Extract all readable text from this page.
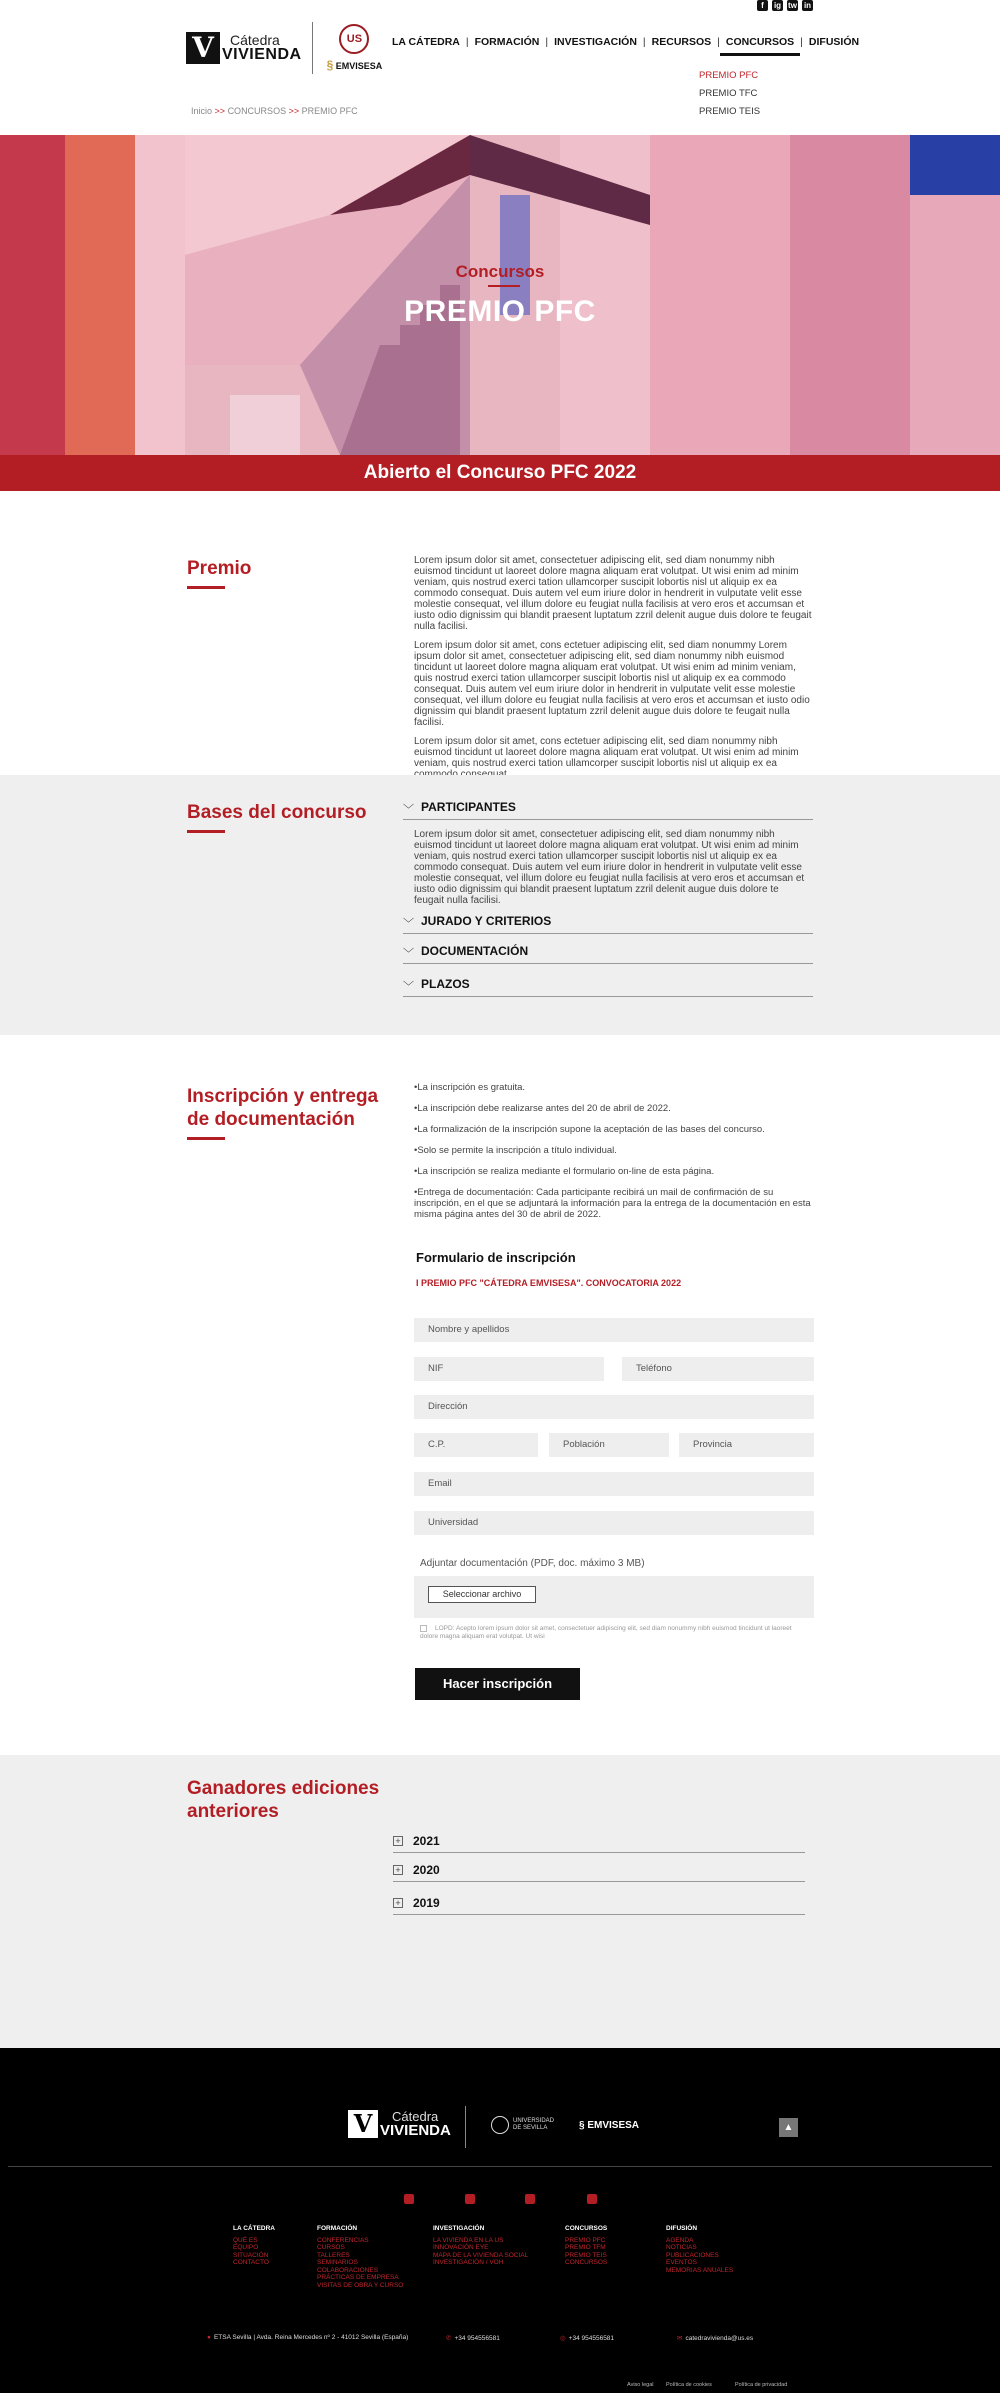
f	ig tw in
V	Cátedra
VIVIENDA
US
§ EMVISESA
LA CÁTEDRA | FORMACIÓN | INVESTIGACIÓN | RECURSOS | CONCURSOS | DIFUSIÓN
PREMIO PFC
PREMIO TFC
PREMIO TEIS
Inicio >> CONCURSOS >> PREMIO PFC
Concursos
PREMIO PFC
Abierto el Concurso PFC 2022
Premio	Lorem ipsum dolor sit amet, consectetuer adipiscing elit, sed diam nonummy nibh euismod tincidunt ut laoreet dolore magna aliquam erat volutpat. Ut wisi enim ad minim veniam, quis nostrud exerci tation ullamcorper suscipit lobortis nisl ut aliquip ex ea commodo consequat. Duis autem vel eum iriure dolor in hendrerit in vulputate velit esse molestie consequat, vel illum dolore eu feugiat nulla facilisis at vero eros et accumsan et iusto odio dignissim qui blandit praesent luptatum zzril delenit augue duis dolore te feugait nulla facilisi.

Lorem ipsum dolor sit amet, cons ectetuer adipiscing elit, sed diam nonummy Lorem ipsum dolor sit amet, consectetuer adipiscing elit, sed diam nonummy nibh euismod tincidunt ut laoreet dolore magna aliquam erat volutpat. Ut wisi enim ad minim veniam, quis nostrud exerci tation ullamcorper suscipit lobortis nisl ut aliquip ex ea commodo consequat. Duis autem vel eum iriure dolor in hendrerit in vulputate velit esse molestie consequat, vel illum dolore eu feugiat nulla facilisis at vero eros et accumsan et iusto odio dignissim qui blandit praesent luptatum zzril delenit augue duis dolore te feugait nulla facilisi.

Lorem ipsum dolor sit amet, cons ectetuer adipiscing elit, sed diam nonummy nibh euismod tincidunt ut laoreet dolore magna aliquam erat volutpat. Ut wisi enim ad minim veniam, quis nostrud exerci tation ullamcorper suscipit lobortis nisl ut aliquip ex ea

Bases del concurso	﹀ PARTICIPANTES
Lorem ipsum dolor sit amet, consectetuer adipiscing elit, sed diam nonummy nibh euismod tincidunt ut laoreet dolore magna aliquam erat volutpat. Ut wisi enim ad minim veniam, quis nostrud exerci tation ullamcorper suscipit lobortis nisl ut aliquip ex ea commodo consequat. Duis autem vel eum iriure dolor in hendrerit in vulputate velit esse molestie consequat, vel illum dolore eu feugiat nulla facilisis at vero eros et accumsan et iusto odio dignissim qui blandit praesent luptatum zzril delenit augue duis dolore te feugait nulla facilisi.
﹀ JURADO Y CRITERIOS
﹀ DOCUMENTACIÓN
﹀ PLAZOS
Inscripción y entrega de documentación
•La inscripción es gratuita.
•La inscripción debe realizarse antes del 20 de abril de 2022.
•La formalización de la inscripción supone la aceptación de las bases del concurso.
•Solo se permite la inscripción a título individual.
•La inscripción se realiza mediante el formulario on-line de esta página.
•Entrega de documentación: Cada participante recibirá un mail de confirmación de su inscripción, en el que se adjuntará la información para la entrega de la documentación en esta misma página antes del 30 de abril de 2022.
Formulario de inscripción
I PREMIO PFC "CÁTEDRA EMVISESA". CONVOCATORIA 2022
Nombre y apellidos
NIF	Teléfono
Dirección
C.P.	Población	Provincia
Email
Universidad
Adjuntar documentación (PDF, doc. máximo 3 MB)
Seleccionar archivo
LOPD: Acepto lorem ipsum dolor sit amet, consectetuer adipiscing elit, sed diam nonummy nibh euismod tincidunt ut laoreet dolore magna aliquam erat volutpat. Ut wisi
Hacer inscripción
Ganadores ediciones anteriores
+ 2021
+ 2020
+ 2019
V	Cátedra
VIVIENDA
UNIVERSIDAD
DE SEVILLA	§ EMVISESA	▲
LA CÁTEDRA
QUÉ ES
EQUIPO
SITUACIÓN
CONTACTO
FORMACIÓN
CONFERENCIAS
CURSOS
TALLERES
SEMINARIOS
COLABORACIONES
PRÁCTICAS DE EMPRESA
VISITAS DE OBRA Y CURSO
INVESTIGACIÓN
LA VIVIENDA EN LA US
INNOVACIÓN EYE
MAPA DE LA VIVIENDA SOCIAL
INVESTIGACIÓN / VOH
CONCURSOS
PREMIO PFC
PREMIO TFM
PREMIO TEIS
CONCURSOS
DIFUSIÓN
AGENDA
NOTICIAS
PUBLICACIONES
EVENTOS
MEMORIAS ANUALES
● ETSA Sevilla | Avda. Reina Mercedes nº 2 - 41012 Sevilla (España)	✆ +34 954556581	◎ +34 954556581	✉ catedravivienda@us.es
Aviso legal Política de cookies	Política de privacidad
